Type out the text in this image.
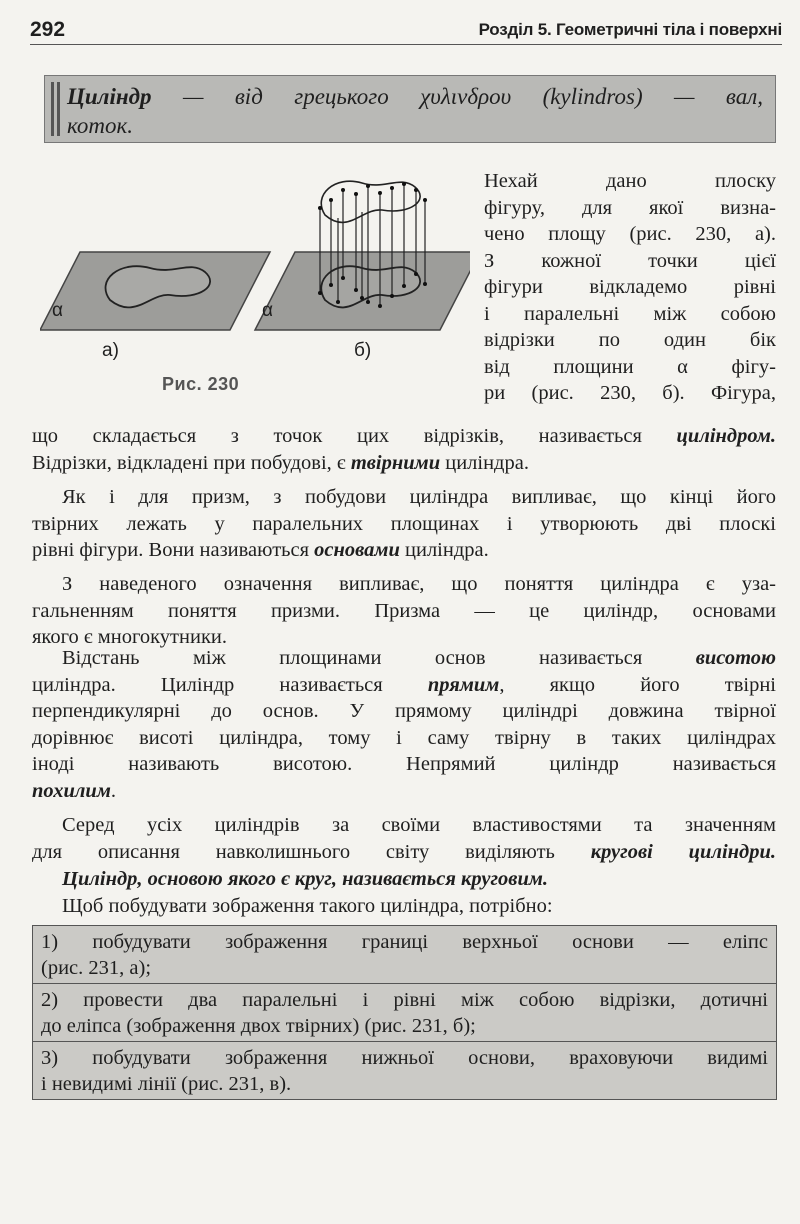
292	Розділ 5. Геометричні тіла і поверхні
Циліндр — від грецького χυλινδρου (kylindros) — вал,
коток.
α	α
а)	б)
Рис. 230
Нехай дано плоску
фігуру, для якої визна-
чено площу (рис. 230, а).
З кожної точки цієї
фігури відкладемо рівні
і паралельні між собою
відрізки по один бік
від площини α фігу-
ри (рис. 230, б). Фігура,
що складається з точок цих відрізків, називається циліндром.
Відрізки, відкладені при побудові, є твірними циліндра.
Як і для призм, з побудови циліндра випливає, що кінці його
твірних лежать у паралельних площинах і утворюють дві плоскі
рівні фігури. Вони називаються основами циліндра.
З наведеного означення випливає, що поняття циліндра є уза-
гальненням поняття призми. Призма — це циліндр, основами
якого є многокутники.
Відстань між площинами основ називається висотою
циліндра. Циліндр називається прямим, якщо його твірні
перпендикулярні до основ. У прямому циліндрі довжина твірної
дорівнює висоті циліндра, тому і саму твірну в таких циліндрах
іноді називають висотою. Непрямий циліндр називається
похилим.
Серед усіх циліндрів за своїми властивостями та значенням
для описання навколишнього світу виділяють кругові циліндри.
Циліндр, основою якого є круг, називається круговим.
Щоб побудувати зображення такого циліндра, потрібно:
1) побудувати зображення границі верхньої основи — еліпс
(рис. 231, а);
2) провести два паралельні і рівні між собою відрізки, дотичні
до еліпса (зображення двох твірних) (рис. 231, б);
3) побудувати зображення нижньої основи, враховуючи видимі
і невидимі лінії (рис. 231, в).
